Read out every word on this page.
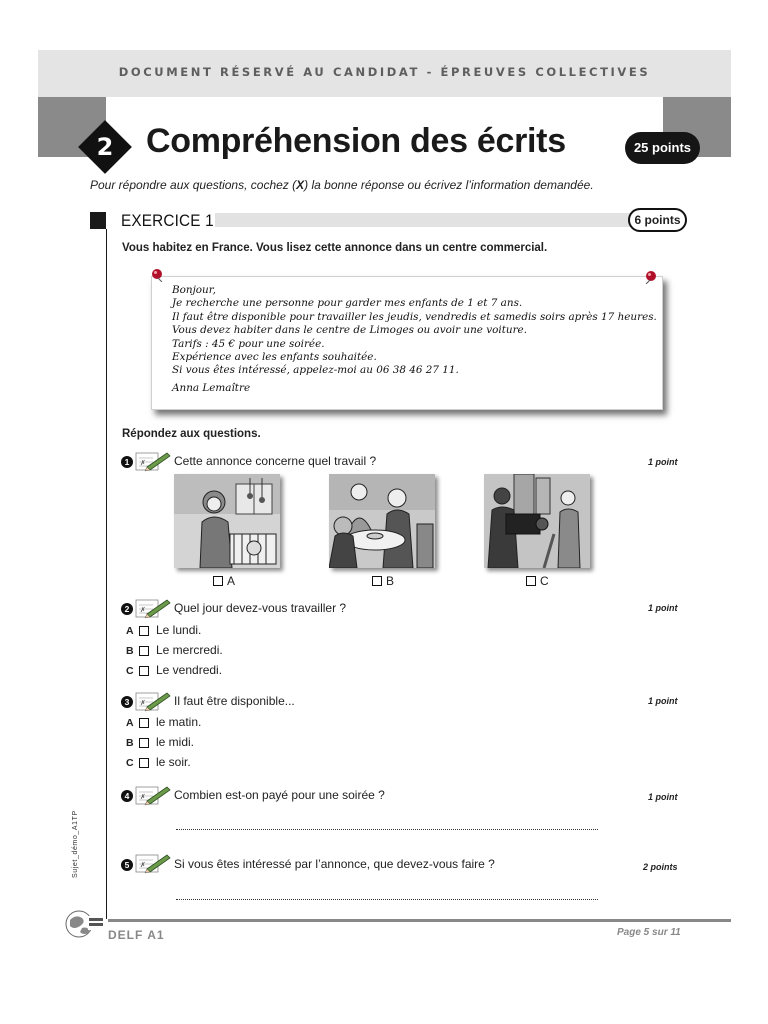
DOCUMENT RÉSERVÉ AU CANDIDAT - ÉPREUVES COLLECTIVES
2 Compréhension des écrits	25 points
Pour répondre aux questions, cochez (X) la bonne réponse ou écrivez l’information demandée.
EXERCICE 1	6 points
Vous habitez en France. Vous lisez cette annonce dans un centre commercial.
Bonjour,
Je recherche une personne pour garder mes enfants de 1 et 7 ans.
Il faut être disponible pour travailler les jeudis, vendredis et samedis soirs après 17 heures.
Vous devez habiter dans le centre de Limoges ou avoir une voiture.
Tarifs : 45 € pour une soirée.
Expérience avec les enfants souhaitée.
Si vous êtes intéressé, appelez-moi au 06 38 46 27 11.
Anna Lemaître
Répondez aux questions.
1	Cette annonce concerne quel travail ?	1 point
A	B	C
2	Quel jour devez-vous travailler ?	1 point
A Le lundi.
B Le mercredi.
C Le vendredi.
3	Il faut être disponible...	1 point
A le matin.
B le midi.
C le soir.
4	Combien est-on payé pour une soirée ?	1 point
5	Si vous êtes intéressé par l’annonce, que devez-vous faire ?	2 points
Sujet_démo_A1TP
DELF A1	Page 5 sur 11
